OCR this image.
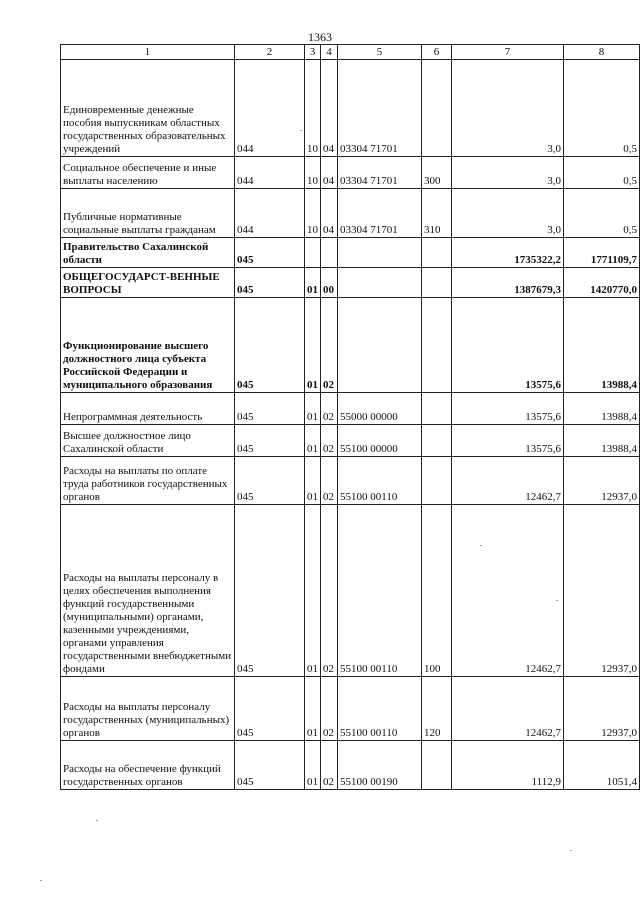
1363
1	2	3	4	5	6	7	8
Единовременные денежные пособия выпускникам областных государственных образовательных учреждений	044	10	04	03304 71701		3,0	0,5
Социальное обеспечение и иные выплаты населению	044	10	04	03304 71701	300	3,0	0,5
Публичные нормативные социальные выплаты гражданам	044	10	04	03304 71701	310	3,0	0,5
Правительство Сахалинской области	045					1735322,2	1771109,7
ОБЩЕГОСУДАРСТ-ВЕННЫЕ ВОПРОСЫ	045	01	00			1387679,3	1420770,0
Функционирование высшего должностного лица субъекта Российской Федерации и муниципального образования	045	01	02			13575,6	13988,4
Непрограммная деятельность	045	01	02	55000 00000		13575,6	13988,4
Высшее должностное лицо Сахалинской области	045	01	02	55100 00000		13575,6	13988,4
Расходы на выплаты по оплате труда работников государственных органов	045	01	02	55100 00110		12462,7	12937,0
Расходы на выплаты персоналу в целях обеспечения выполнения функций государственными (муниципальными) органами, казенными учреждениями, органами управления государственными внебюджетными фондами	045	01	02	55100 00110	100	12462,7	12937,0
Расходы на выплаты персоналу государственных (муниципальных) органов	045	01	02	55100 00110	120	12462,7	12937,0
Расходы на обеспечение функций государственных органов	045	01	02	55100 00190		1112,9	1051,4
